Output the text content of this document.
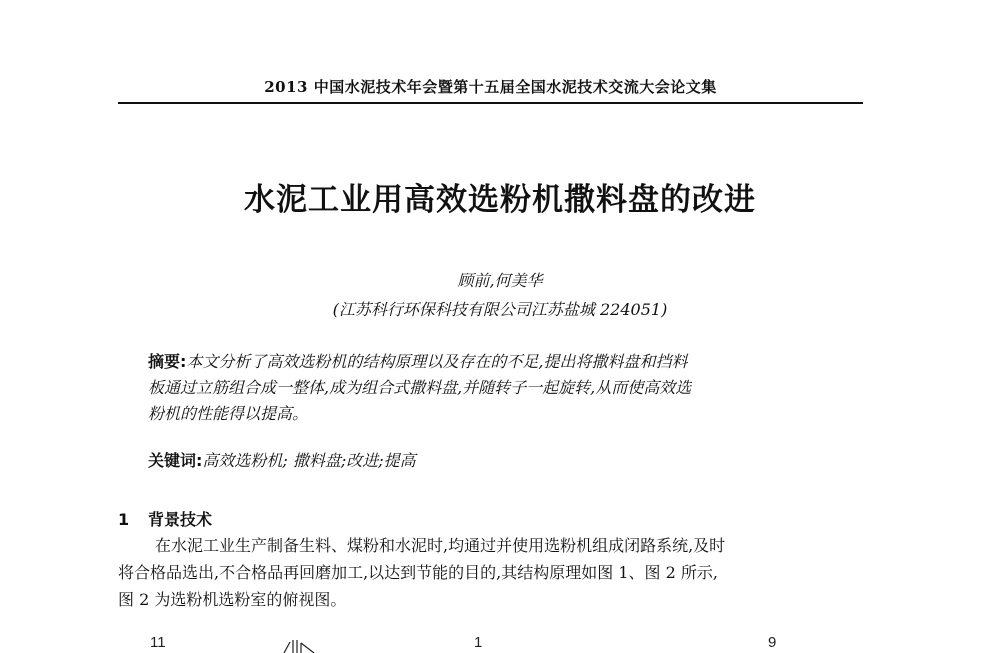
2013 中国水泥技术年会暨第十五届全国水泥技术交流大会论文集
水泥工业用高效选粉机撒料盘的改进
顾前,何美华
(江苏科行环保科技有限公司江苏盐城 224051)
摘要:本文分析了高效选粉机的结构原理以及存在的不足,提出将撒料盘和挡料
板通过立筋组合成一整体,成为组合式撒料盘,并随转子一起旋转,从而使高效选
粉机的性能得以提高。
关键词:高效选粉机; 撒料盘;改进;提高
1 背景技术
在水泥工业生产制备生料、煤粉和水泥时,均通过并使用选粉机组成闭路系统,及时
将合格品选出,不合格品再回磨加工,以达到节能的目的,其结构原理如图 1、图 2 所示,
图 2 为选粉机选粉室的俯视图。
11	1	9
